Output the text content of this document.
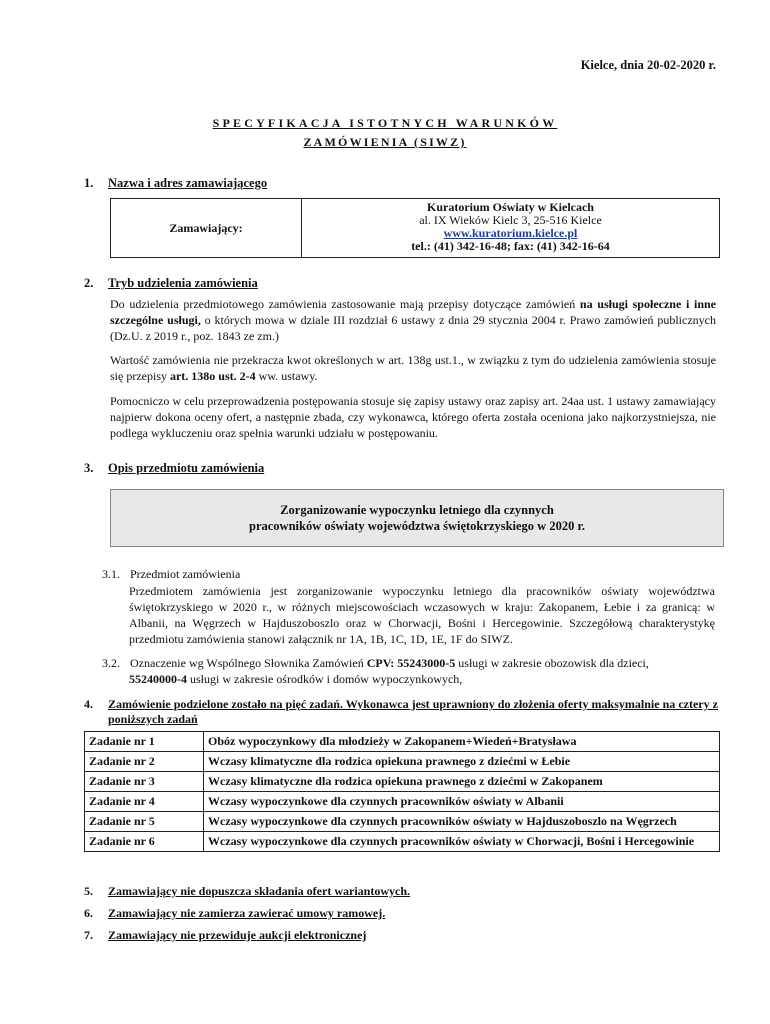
Kielce, dnia 20-02-2020 r.
SPECYFIKACJA ISTOTNYCH WARUNKÓW
ZAMÓWIENIA (SIWZ)
1. Nazwa i adres zamawiającego
Zamawiający:
Kuratorium Oświaty w Kielcach
al. IX Wieków Kielc 3, 25-516 Kielce
www.kuratorium.kielce.pl
tel.: (41) 342-16-48; fax: (41) 342-16-64
2. Tryb udzielenia zamówienia
Do udzielenia przedmiotowego zamówienia zastosowanie mają przepisy dotyczące zamówień na usługi społeczne i inne szczególne usługi, o których mowa w dziale III rozdział 6 ustawy z dnia 29 stycznia 2004 r. Prawo zamówień publicznych (Dz.U. z 2019 r., poz. 1843 ze zm.)
Wartość zamówienia nie przekracza kwot określonych w art. 138g ust.1., w związku z tym do udzielenia zamówienia stosuje się przepisy art. 138o ust. 2-4 ww. ustawy.
Pomocniczo w celu przeprowadzenia postępowania stosuje się zapisy ustawy oraz zapisy art. 24aa ust. 1 ustawy zamawiający najpierw dokona oceny ofert, a następnie zbada, czy wykonawca, którego oferta została oceniona jako najkorzystniejsza, nie podlega wykluczeniu oraz spełnia warunki udziału w postępowaniu.
3. Opis przedmiotu zamówienia
Zorganizowanie wypoczynku letniego dla czynnych
pracowników oświaty województwa świętokrzyskiego w 2020 r.
3.1. Przedmiot zamówienia
Przedmiotem zamówienia jest zorganizowanie wypoczynku letniego dla pracowników oświaty województwa świętokrzyskiego w 2020 r., w różnych miejscowościach wczasowych w kraju: Zakopanem, Łebie i za granicą: w Albanii, na Węgrzech w Hajduszoboszlo oraz w Chorwacji, Bośni i Hercegowinie. Szczegółową charakterystykę przedmiotu zamówienia stanowi załącznik nr 1A, 1B, 1C, 1D, 1E, 1F do SIWZ.
3.2. Oznaczenie wg Wspólnego Słownika Zamówień CPV: 55243000-5 usługi w zakresie obozowisk dla dzieci,
55240000-4 usługi w zakresie ośrodków i domów wypoczynkowych,
4.	Zamówienie podzielone zostało na pięć zadań. Wykonawca jest uprawniony do złożenia oferty maksymalnie na cztery z poniższych zadań
Zadanie nr 1	Obóz wypoczynkowy dla młodzieży w Zakopanem+Wiedeń+Bratysława
Zadanie nr 2	Wczasy klimatyczne dla rodzica opiekuna prawnego z dziećmi w Łebie
Zadanie nr 3	Wczasy klimatyczne dla rodzica opiekuna prawnego z dziećmi w Zakopanem
Zadanie nr 4	Wczasy wypoczynkowe dla czynnych pracowników oświaty w Albanii
Zadanie nr 5	Wczasy wypoczynkowe dla czynnych pracowników oświaty w Hajduszoboszlo na Węgrzech
Zadanie nr 6	Wczasy wypoczynkowe dla czynnych pracowników oświaty w Chorwacji, Bośni i Hercegowinie
5. Zamawiający nie dopuszcza składania ofert wariantowych.
6. Zamawiający nie zamierza zawierać umowy ramowej.
7. Zamawiający nie przewiduje aukcji elektronicznej
